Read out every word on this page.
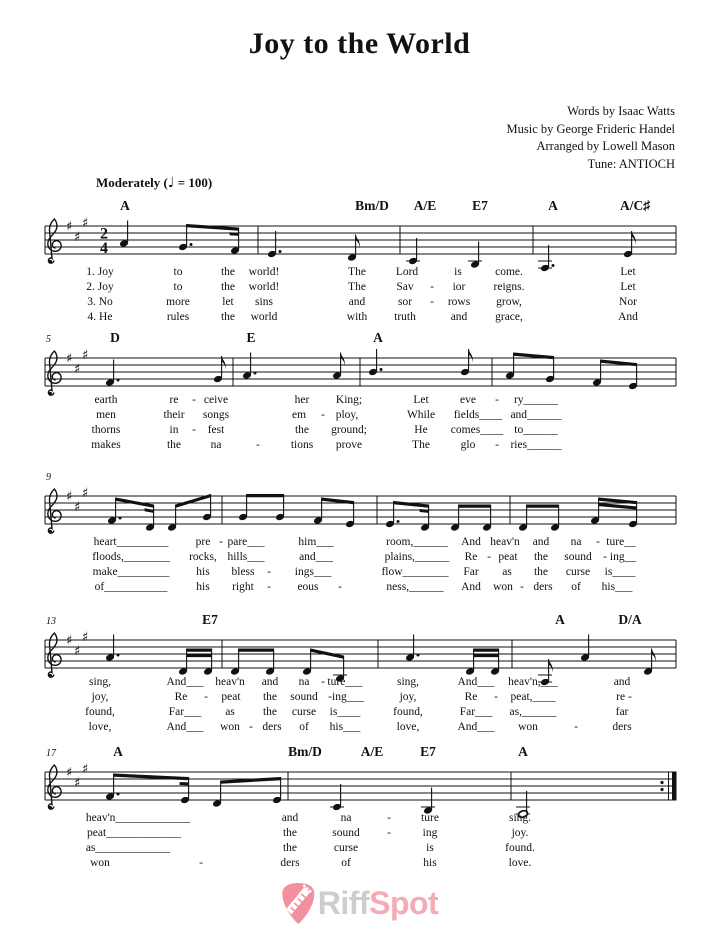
♯
♯
♯
2
4
♯
♯
♯
♯
♯
♯
♯
♯
♯
♯
♯
♯
Joy to the World
Words by Isaac Watts
Music by George Frideric Handel
Arranged by Lowell Mason
Tune: ANTIOCH
Moderately (♩ = 100)
A	Bm/D A/E	E7	A	A/C♯
1. Joy	to	the world!	The	Lord	is	come.	Let
2. Joy	to	the world!	The	Sav - ior reigns.	Let
3. No	more	let sins	and	sor - rows grow,	Nor
4. He	rules	the world	with truth	and grace,	And
D	E	A
5
earth	re - ceive	her King;	Let	eve - ry______
men	their songs	em - ploy,	While fields____ and______
thorns	in - fest	the ground;	He comes____ to______
makes	the	na	-	tions prove	The	glo - ries______
9
heart_________ pre - pare___	him___	room,______ And heav'n and na - ture__
floods,________ rocks, hills___	and___	plains,______ Re - peat the sound - ing__
make_________ his bless - ings___	flow________ Far as the curse is____
of___________	his right - eous -	ness,______ And won - ders of his___
E7	A	D/A
13
sing,	And___ heav'n and na - ture___	sing,	And___ heav'n,___	and
joy,	Re - peat the sound - ing___	joy,	Re - peat,____	re -
found,	Far___ as the curse is____	found,	Far___ as,______	far
love,	And___ won - ders of his___	love,	And___ won	-	ders
A	Bm/D	A/E	E7	A
17
heav'n_____________	and	na	-	ture	sing.
peat_____________	the	sound -	ing	joy.
as_____________	the	curse	is	found.
won	-	ders	of	his	love.
RiffSpot
